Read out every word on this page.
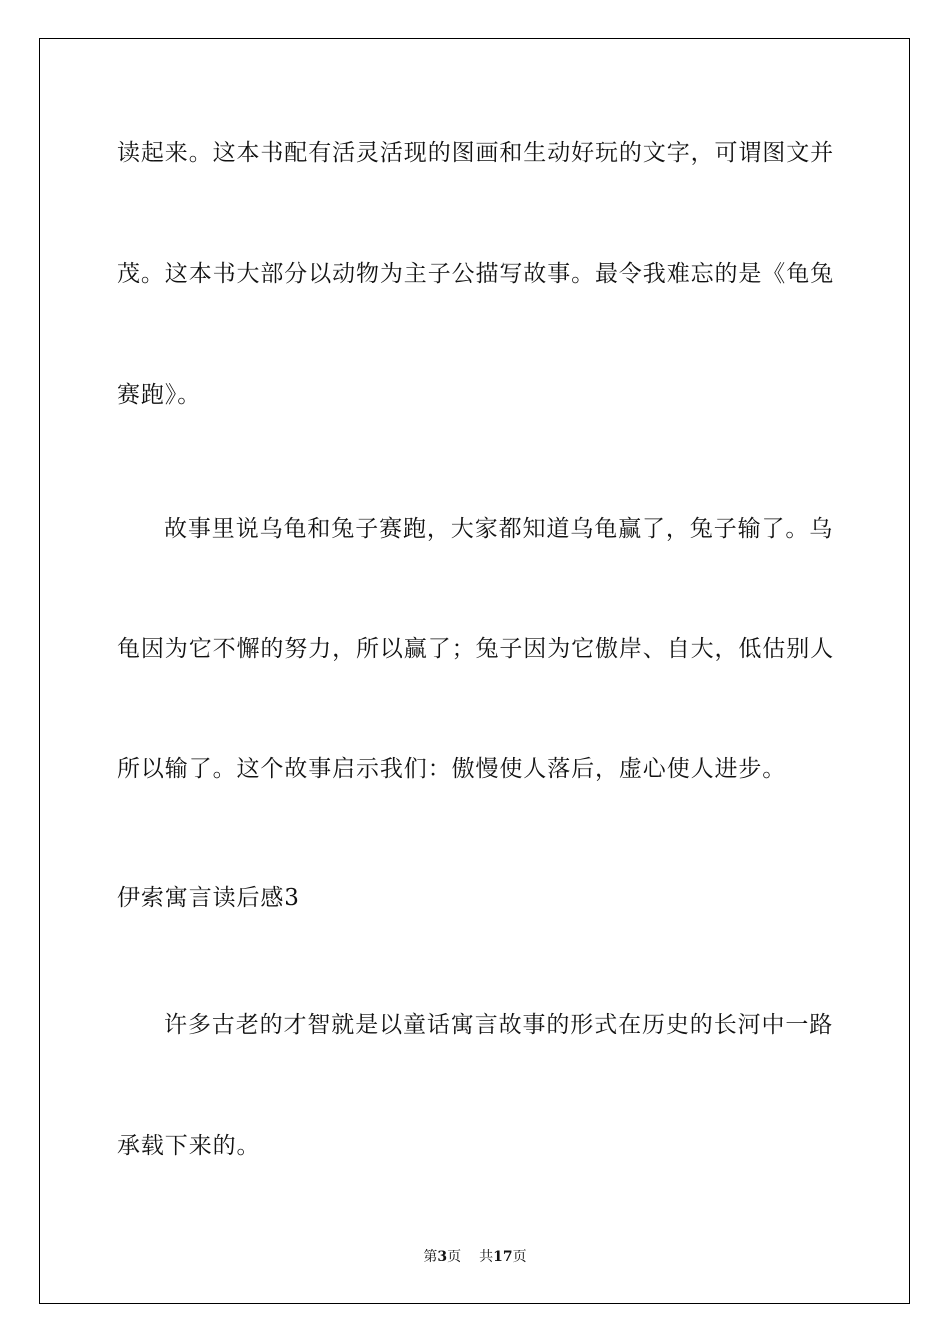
读起来。这本书配有活灵活现的图画和生动好玩的文字，可谓图文并
茂。这本书大部分以动物为主子公描写故事。最令我难忘的是《龟兔
赛跑》。
故事里说乌龟和兔子赛跑，大家都知道乌龟赢了，兔子输了。乌
龟因为它不懈的努力，所以赢了；兔子因为它傲岸、自大，低估别人
所以输了。这个故事启示我们：傲慢使人落后，虚心使人进步。
伊索寓言读后感3
许多古老的才智就是以童话寓言故事的形式在历史的长河中一路
承载下来的。
第3页 共17页
